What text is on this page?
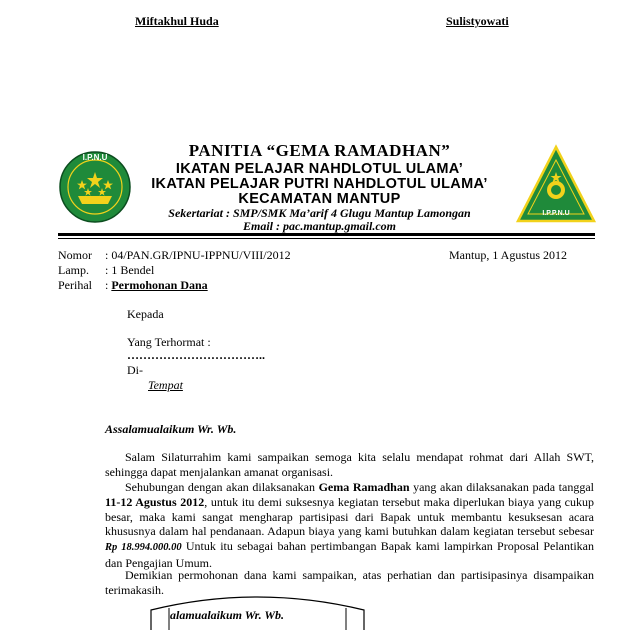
Miftakhul Huda	Sulistyowati
I.P.N.U
I.P.P.N.U
PANITIA “GEMA RAMADHAN”
IKATAN PELAJAR NAHDLOTUL ULAMA’
IKATAN PELAJAR PUTRI NAHDLOTUL ULAMA’
KECAMATAN MANTUP
Sekertariat : SMP/SMK Ma’arif 4 Glugu Mantup Lamongan
Email : pac.mantup.gmail.com
Nomor : 04/PAN.GR/IPNU-IPPNU/VIII/2012	Mantup, 1 Agustus 2012
Lamp. : 1 Bendel
Perihal : Permohonan Dana
Kepada
Yang Terhormat :
……………………………..
Di-
Tempat
Assalamualaikum Wr. Wb.
Salam Silaturrahim kami sampaikan semoga kita selalu mendapat rohmat dari Allah SWT, sehingga dapat menjalankan amanat organisasi.
Sehubungan dengan akan dilaksanakan Gema Ramadhan yang akan dilaksanakan pada tanggal 11-12 Agustus 2012, untuk itu demi suksesnya kegiatan tersebut maka diperlukan biaya yang cukup besar, maka kami sangat mengharap partisipasi dari Bapak untuk membantu kesuksesan acara khususnya dalam hal pendanaan. Adapun biaya yang kami butuhkan dalam kegiatan tersebut sebesar Rp 18.994.000.00 Untuk itu sebagai bahan pertimbangan Bapak kami lampirkan Proposal Pelantikan dan Pengajian Umum.
Demikian permohonan dana kami sampaikan, atas perhatian dan partisipasinya disampaikan terimakasih.
alamualaikum Wr. Wb.
